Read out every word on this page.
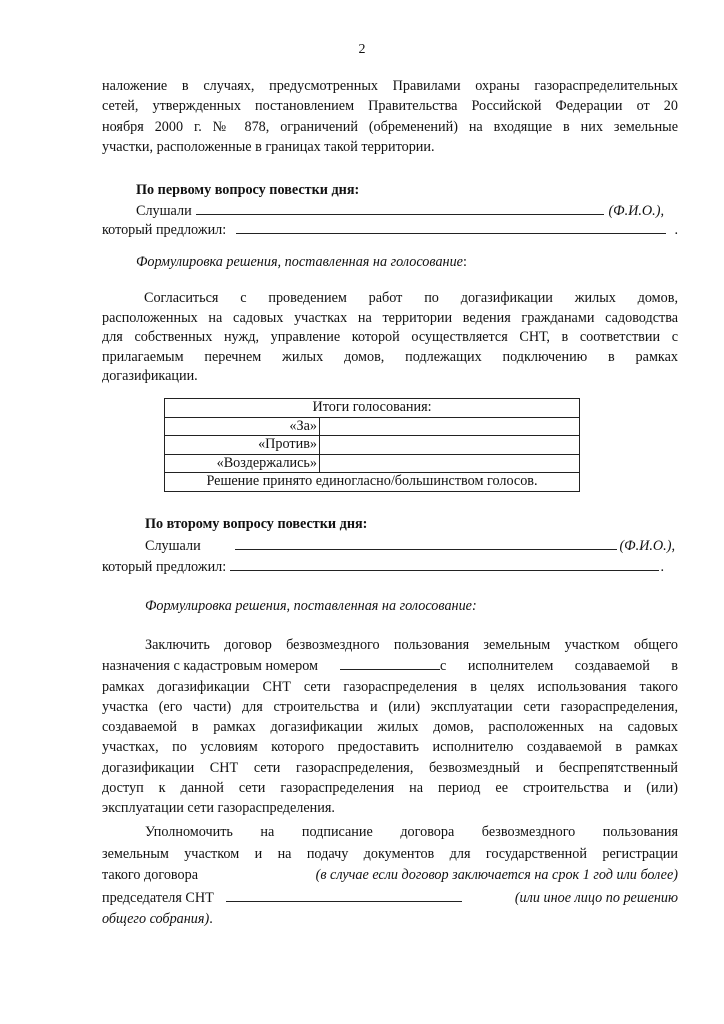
2
наложение в случаях, предусмотренных Правилами охраны газораспределительных
сетей, утвержденных постановлением Правительства Российской Федерации от 20
ноября 2000 г. № 878, ограничений (обременений) на входящие в них земельные
участки, расположенные в границах такой территории.
По первому вопросу повестки дня:
Слушали	(Ф.И.О.),
который предложил:	.
Формулировка решения, поставленная на голосование:
Согласиться с проведением работ по догазификации жилых домов,
расположенных на садовых участках на территории ведения гражданами садоводства
для собственных нужд, управление которой осуществляется СНТ, в соответствии с
прилагаемым перечнем жилых домов, подлежащих подключению в рамках
догазификации.
Итоги голосования:	
«За»	
«Против»	
«Воздержались»	
Решение принято единогласно/большинством голосов.	
По второму вопросу повестки дня:
Слушали	(Ф.И.О.),
который предложил:	.
Формулировка решения, поставленная на голосование:
Заключить договор безвозмездного пользования земельным участком общего
назначения с кадастровым номером	с исполнителем создаваемой в
рамках догазификации СНТ сети газораспределения в целях использования такого
участка (его части) для строительства и (или) эксплуатации сети газораспределения,
создаваемой в рамках догазификации жилых домов, расположенных на садовых
участках, по условиям которого предоставить исполнителю создаваемой в рамках
догазификации СНТ сети газораспределения, безвозмездный и беспрепятственный
доступ к данной сети газораспределения на период ее строительства и (или)
эксплуатации сети газораспределения.
Уполномочить на подписание договора безвозмездного пользования
земельным участком и на подачу документов для государственной регистрации
такого договора	(в случае если договор заключается на срок 1 год или более)
председателя СНТ	(или иное лицо по решению
общего собрания).
